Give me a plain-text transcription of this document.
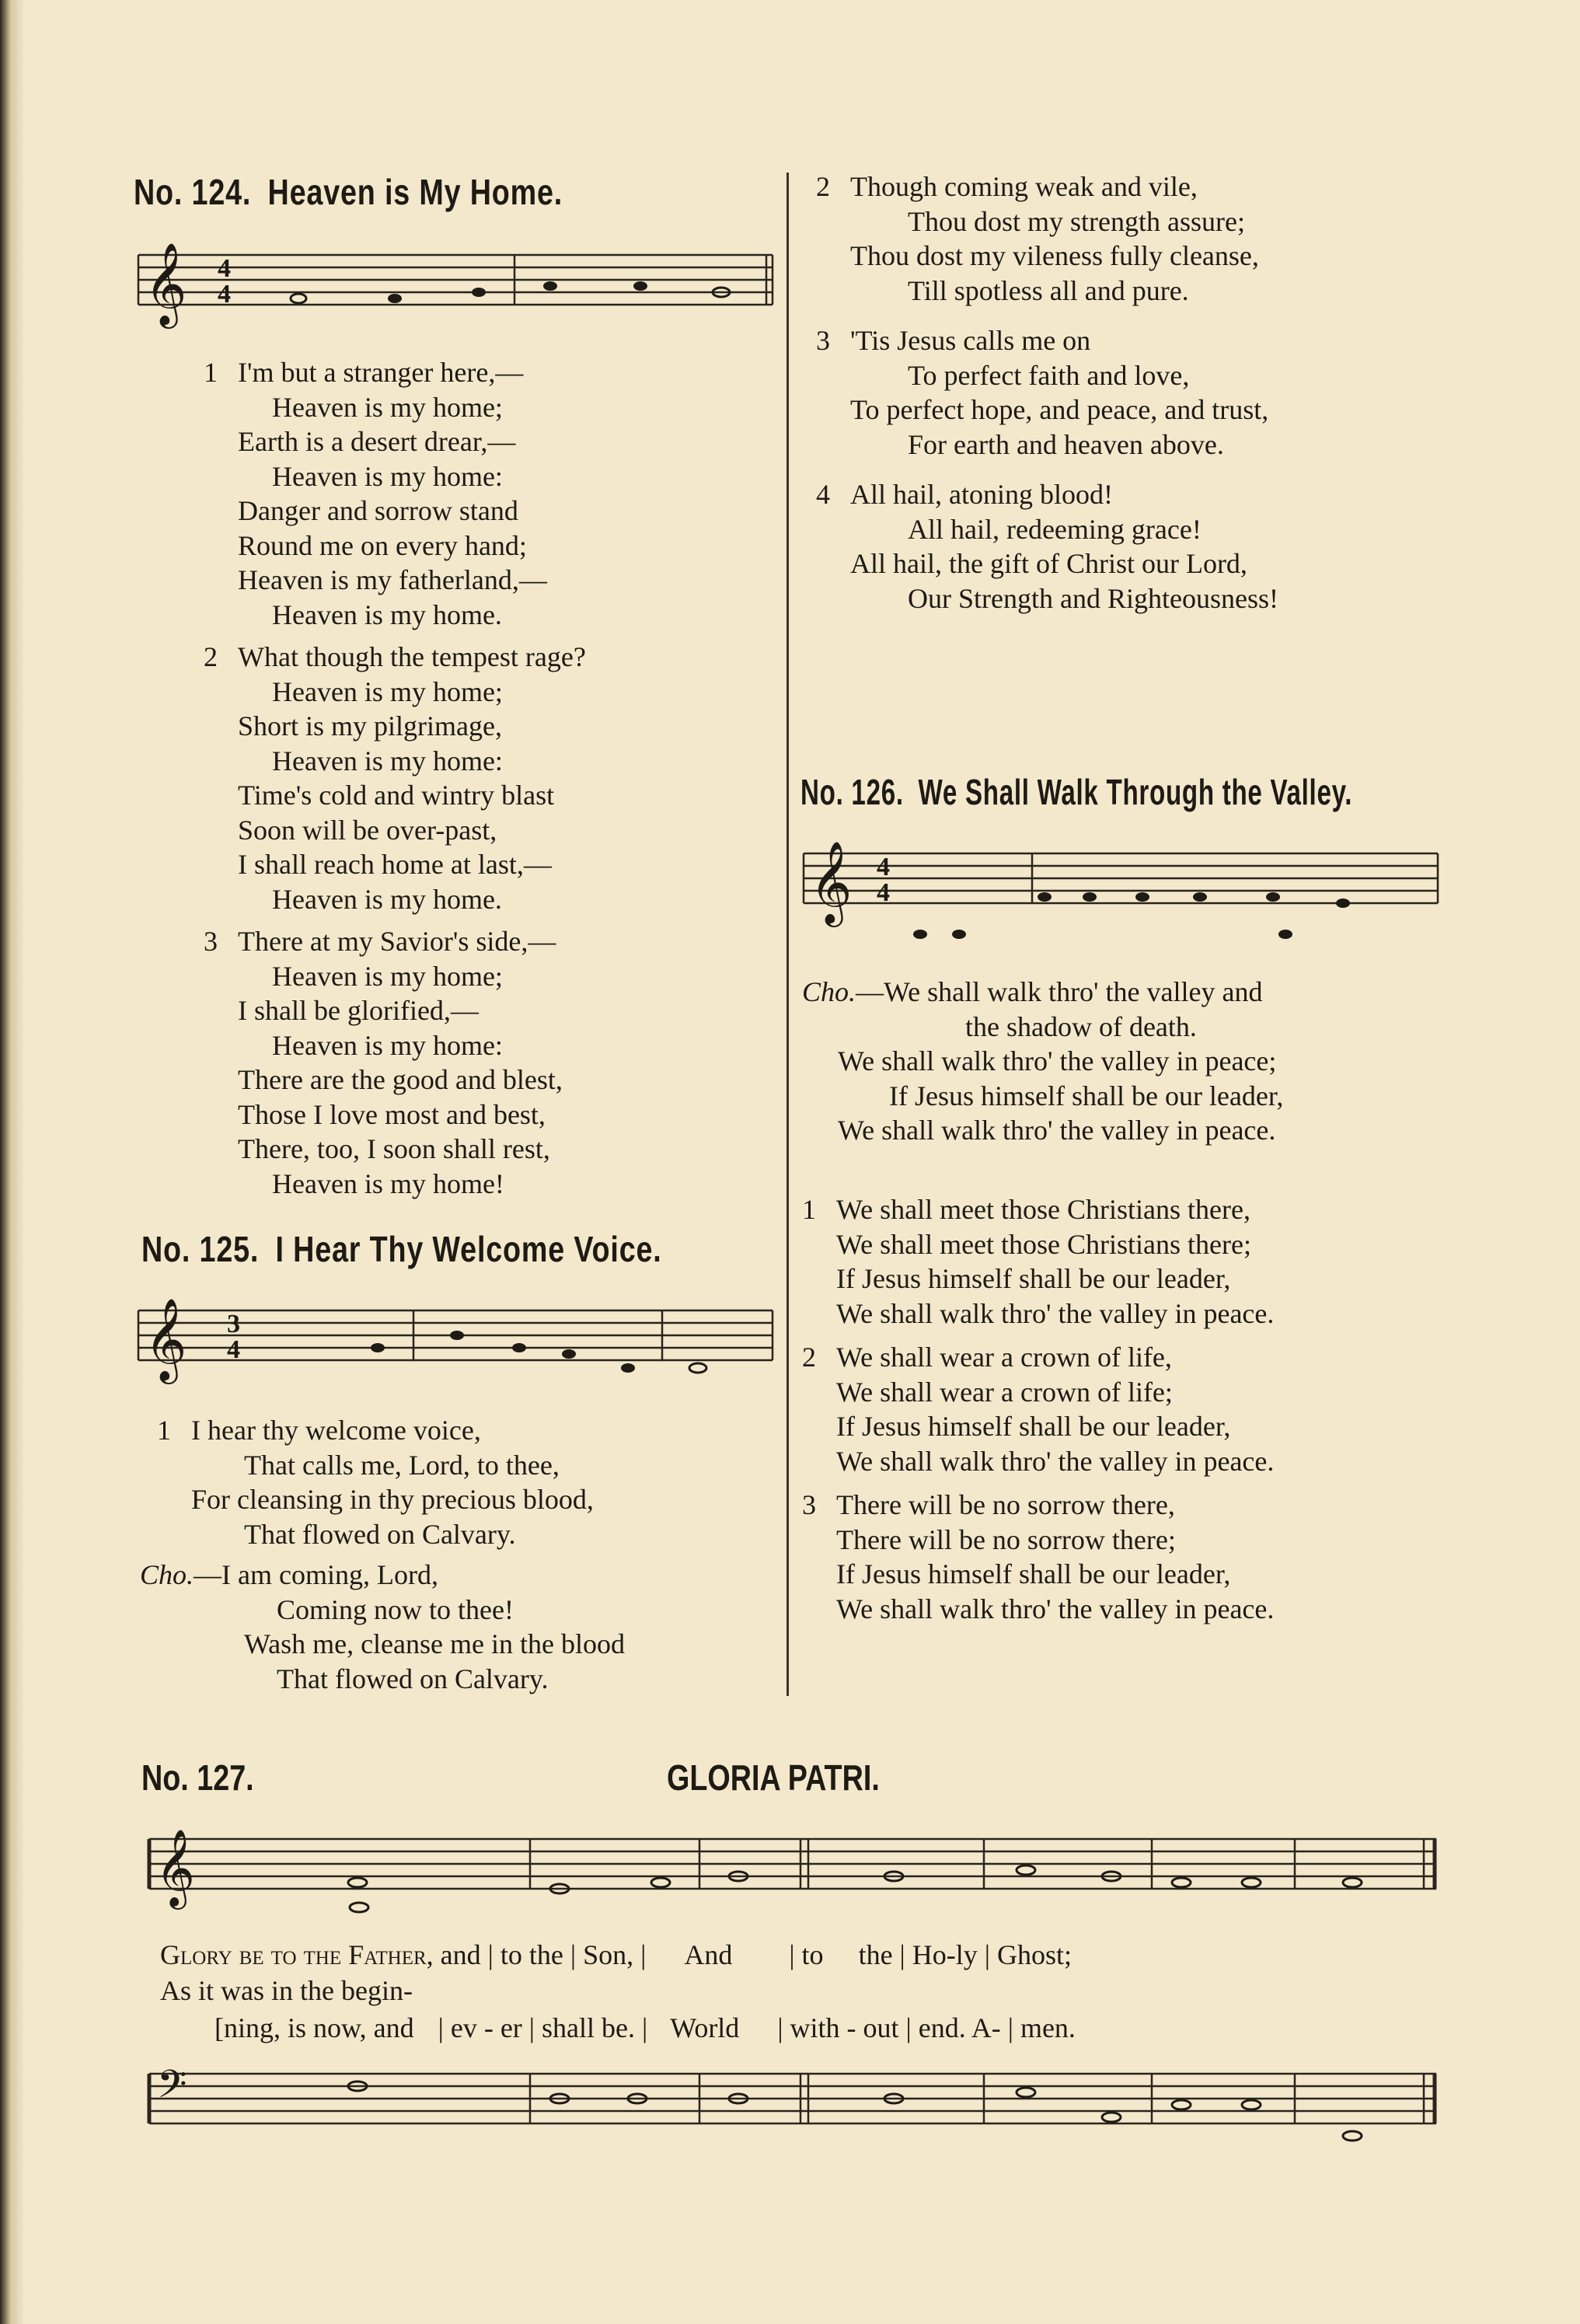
No. 124. Heaven is My Home.
𝄞 4
4
1 I'm but a stranger here,—
Heaven is my home;
Earth is a desert drear,—
Heaven is my home:
Danger and sorrow stand
Round me on every hand;
Heaven is my fatherland,—
Heaven is my home.
2 What though the tempest rage?
Heaven is my home;
Short is my pilgrimage,
Heaven is my home:
Time's cold and wintry blast
Soon will be over-past,
I shall reach home at last,—
Heaven is my home.
3 There at my Savior's side,—
Heaven is my home;
I shall be glorified,—
Heaven is my home:
There are the good and blest,
Those I love most and best,
There, too, I soon shall rest,
Heaven is my home!
No. 125. I Hear Thy Welcome Voice.
𝄞 3
4
1 I hear thy welcome voice,
That calls me, Lord, to thee,
For cleansing in thy precious blood,
That flowed on Calvary.
Cho.—I am coming, Lord,
Coming now to thee!
Wash me, cleanse me in the blood
That flowed on Calvary.
2 Though coming weak and vile,
Thou dost my strength assure;
Thou dost my vileness fully cleanse,
Till spotless all and pure.
3 'Tis Jesus calls me on
To perfect faith and love,
To perfect hope, and peace, and trust,
For earth and heaven above.
4 All hail, atoning blood!
All hail, redeeming grace!
All hail, the gift of Christ our Lord,
Our Strength and Righteousness!
No. 126. We Shall Walk Through the Valley.
𝄞 4
4
Cho.—We shall walk thro' the valley and
the shadow of death.
We shall walk thro' the valley in peace;
If Jesus himself shall be our leader,
We shall walk thro' the valley in peace.
1 We shall meet those Christians there,
We shall meet those Christians there;
If Jesus himself shall be our leader,
We shall walk thro' the valley in peace.
2 We shall wear a crown of life,
We shall wear a crown of life;
If Jesus himself shall be our leader,
We shall walk thro' the valley in peace.
3 There will be no sorrow there,
There will be no sorrow there;
If Jesus himself shall be our leader,
We shall walk thro' the valley in peace.
No. 127.	GLORIA PATRI.
𝄞
Glory be to the Father, and | to the | Son, | And | to the | Ho-ly | Ghost;
As it was in the begin-
[ning, is now, and | ev - er | shall be. | World | with - out | end. A- | men.
𝄢
